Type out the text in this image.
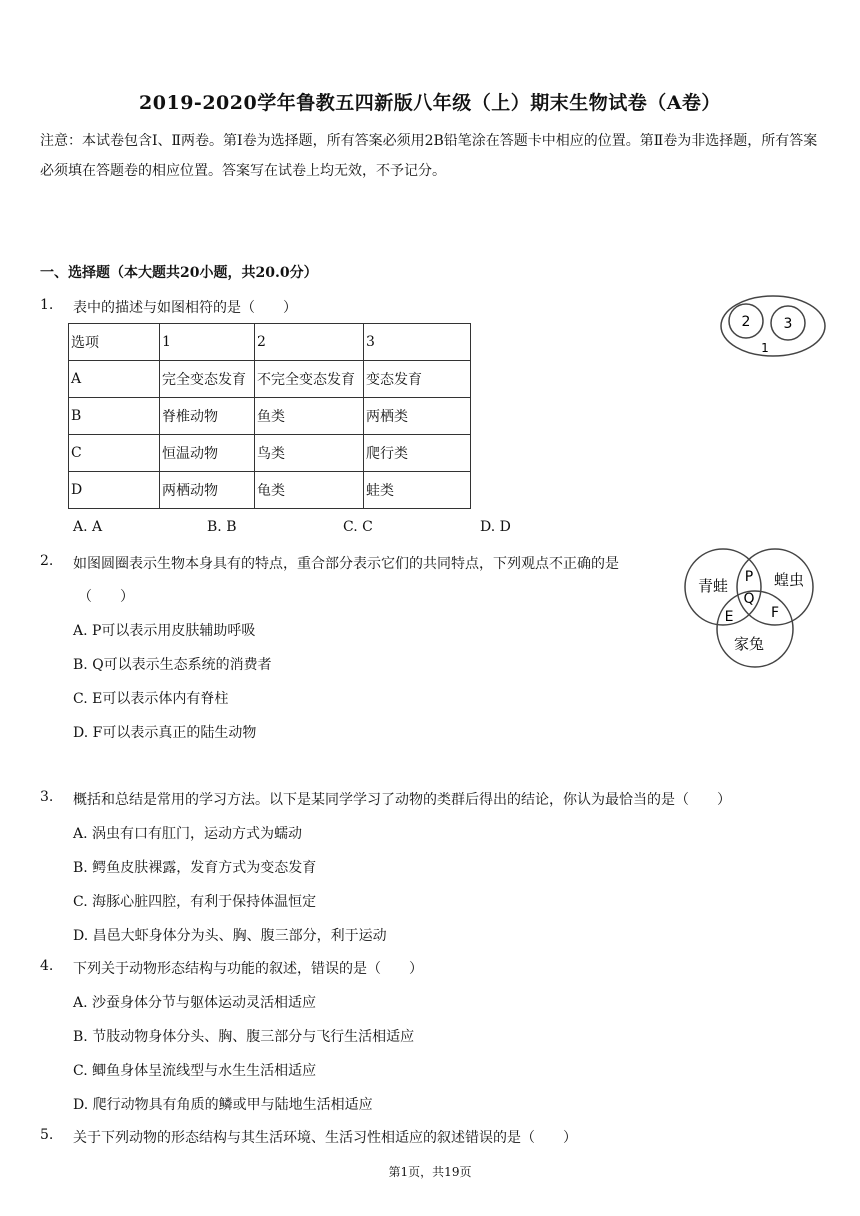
2019-2020学年鲁教五四新版八年级（上）期末生物试卷（A卷）
注意：本试卷包含Ⅰ、Ⅱ两卷。第Ⅰ卷为选择题，所有答案必须用2B铅笔涂在答题卡中相应的位置。第Ⅱ卷为非选择题，所有答案必须填在答题卷的相应位置。答案写在试卷上均无效，不予记分。
一、选择题（本大题共20小题，共20.0分）
1. 表中的描述与如图相符的是（　　）
选项	1	2	3
A	完全变态发育	不完全变态发育	变态发育
B	脊椎动物	鱼类	两栖类
C	恒温动物	鸟类	爬行类
D	两栖动物	龟类	蛙类
A. A	B. B	C. C	D. D
2 3
1
2. 如图圆圈表示生物本身具有的特点，重合部分表示它们的共同特点，下列观点不正确的是
（　　）
A. P可以表示用皮肤辅助呼吸
B. Q可以表示生态系统的消费者
C. E可以表示体内有脊柱
D. F可以表示真正的陆生动物
青蛙	蝗虫
家兔
P
Q
E	F
3. 概括和总结是常用的学习方法。以下是某同学学习了动物的类群后得出的结论，你认为最恰当的是（　　）
A. 涡虫有口有肛门，运动方式为蠕动
B. 鳄鱼皮肤裸露，发育方式为变态发育
C. 海豚心脏四腔，有利于保持体温恒定
D. 昌邑大虾身体分为头、胸、腹三部分，利于运动
4. 下列关于动物形态结构与功能的叙述，错误的是（　　）
A. 沙蚕身体分节与躯体运动灵活相适应
B. 节肢动物身体分头、胸、腹三部分与飞行生活相适应
C. 鲫鱼身体呈流线型与水生生活相适应
D. 爬行动物具有角质的鳞或甲与陆地生活相适应
5. 关于下列动物的形态结构与其生活环境、生活习性相适应的叙述错误的是（　　）
第1页，共19页
